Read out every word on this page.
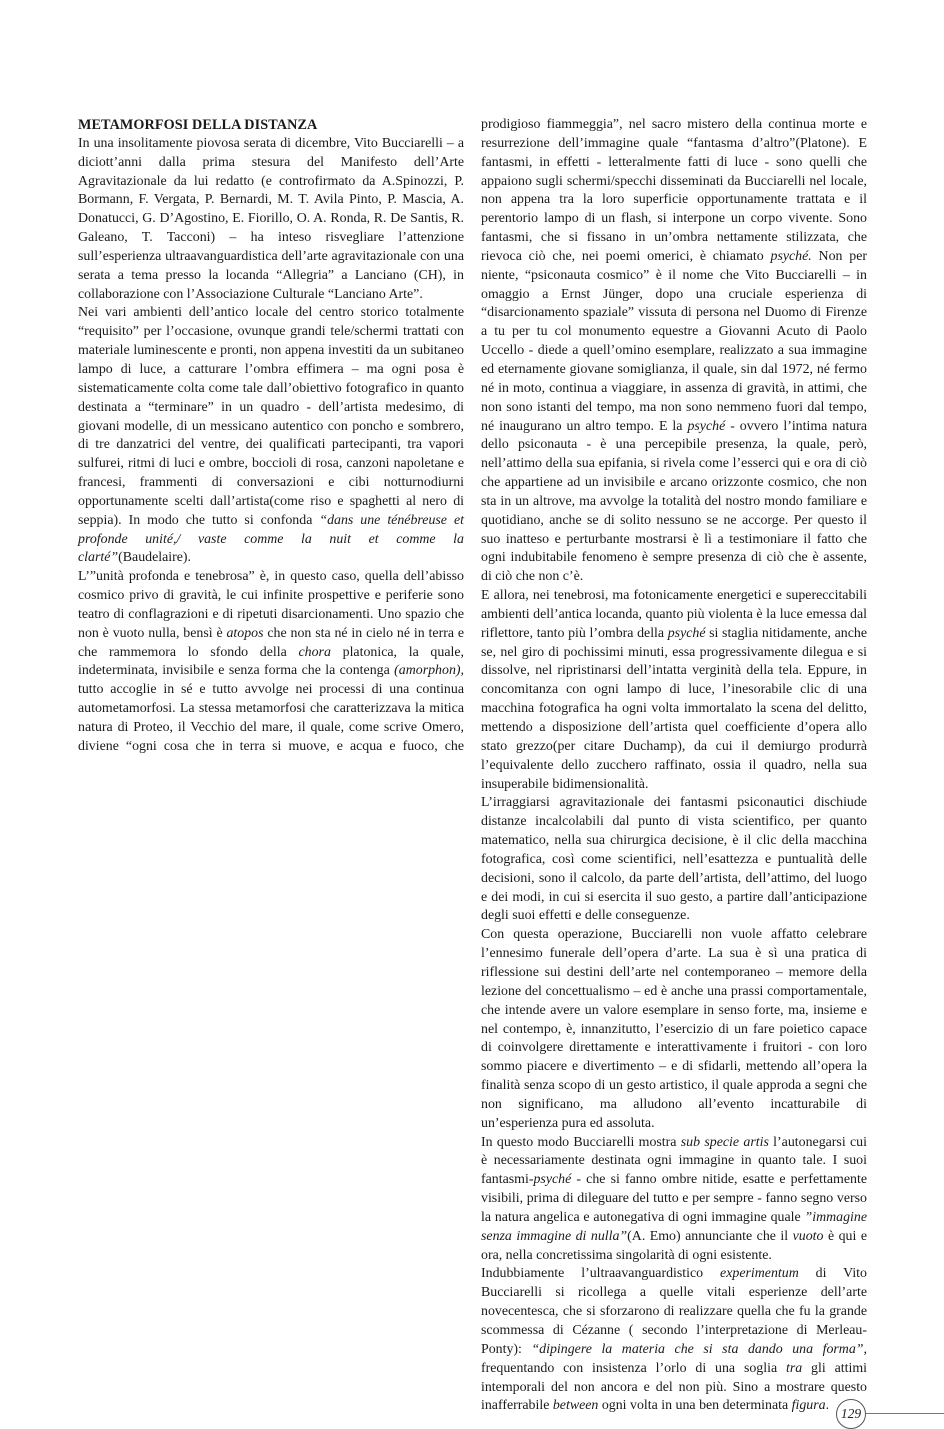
METAMORFOSI DELLA DISTANZA

In una insolitamente piovosa serata di dicembre, Vito Bucciarelli – a diciott’anni dalla prima stesura del Manifesto dell’Arte Agravitazionale da lui redatto (e controfirmato da A.Spinozzi, P. Bormann, F. Vergata, P. Bernardi, M. T. Avila Pinto, P. Mascia, A. Donatucci, G. D’Agostino, E. Fiorillo, O. A. Ronda, R. De Santis, R. Galeano, T. Tacconi) – ha inteso risvegliare l’attenzione sull’esperienza ultraavanguardistica dell’arte agravitazionale con una serata a tema presso la locanda “Allegria” a Lanciano (CH), in collaborazione con l’Associazione Culturale “Lanciano Arte”.

Nei vari ambienti dell’antico locale del centro storico totalmente “requisito” per l’occasione, ovunque grandi tele/schermi trattati con materiale luminescente e pronti, non appena investiti da un subitaneo lampo di luce, a catturare l’ombra effimera – ma ogni posa è sistematicamente colta come tale dall’obiettivo fotografico in quanto destinata a “terminare” in un quadro - dell’artista medesimo, di giovani modelle, di un messicano autentico con poncho e sombrero, di tre danzatrici del ventre, dei qualificati partecipanti, tra vapori sulfurei, ritmi di luci e ombre, boccioli di rosa, canzoni napoletane e francesi, frammenti di conversazioni e cibi notturnodiurni opportunamente scelti dall’artista(come riso e spaghetti al nero di seppia). In modo che tutto si confonda “dans une ténébreuse et profonde unité,/ vaste comme la nuit et comme la clarté”(Baudelaire).

L’”unità profonda e tenebrosa” è, in questo caso, quella dell’abisso cosmico privo di gravità, le cui infinite prospettive e periferie sono teatro di conflagrazioni e di ripetuti disarcionamenti. Uno spazio che non è vuoto nulla, bensì è atopos che non sta né in cielo né in terra e che rammemora lo sfondo della chora platonica, la quale, indeterminata, invisibile e senza forma che la contenga (amorphon), tutto accoglie in sé e tutto avvolge nei processi di una continua autometamorfosi. La stessa metamorfosi che caratterizzava la mitica natura di Proteo, il Vecchio del mare, il quale, come scrive Omero, diviene “ogni cosa che in terra si muove, e acqua e fuoco, che

prodigioso fiammeggia”, nel sacro mistero della continua morte e resurrezione dell’immagine quale “fantasma d’altro”(Platone). E fantasmi, in effetti - letteralmente fatti di luce - sono quelli che appaiono sugli schermi/specchi disseminati da Bucciarelli nel locale, non appena tra la loro superficie opportunamente trattata e il perentorio lampo di un flash, si interpone un corpo vivente. Sono fantasmi, che si fissano in un’ombra nettamente stilizzata, che rievoca ciò che, nei poemi omerici, è chiamato psyché. Non per niente, “psiconauta cosmico” è il nome che Vito Bucciarelli – in omaggio a Ernst Jünger, dopo una cruciale esperienza di “disarcionamento spaziale” vissuta di persona nel Duomo di Firenze a tu per tu col monumento equestre a Giovanni Acuto di Paolo Uccello - diede a quell’omino esemplare, realizzato a sua immagine ed eternamente giovane somiglianza, il quale, sin dal 1972, né fermo né in moto, continua a viaggiare, in assenza di gravità, in attimi, che non sono istanti del tempo, ma non sono nemmeno fuori dal tempo, né inaugurano un altro tempo. E la psyché - ovvero l’intima natura dello psiconauta - è una percepibile presenza, la quale, però, nell’attimo della sua epifania, si rivela come l’esserci qui e ora di ciò che appartiene ad un invisibile e arcano orizzonte cosmico, che non sta in un altrove, ma avvolge la totalità del nostro mondo familiare e quotidiano, anche se di solito nessuno se ne accorge. Per questo il suo inatteso e perturbante mostrarsi è lì a testimoniare il fatto che ogni indubitabile fenomeno è sempre presenza di ciò che è assente, di ciò che non c’è.

E allora, nei tenebrosi, ma fotonicamente energetici e supereccitabili ambienti dell’antica locanda, quanto più violenta è la luce emessa dal riflettore, tanto più l’ombra della psyché si staglia nitidamente, anche se, nel giro di pochissimi minuti, essa progressivamente dilegua e si dissolve, nel ripristinarsi dell’intatta verginità della tela. Eppure, in concomitanza con ogni lampo di luce, l’inesorabile clic di una macchina fotografica ha ogni volta immortalato la scena del delitto, mettendo a disposizione dell’artista quel coefficiente d’opera allo stato grezzo(per citare Duchamp), da cui il demiurgo produrrà l’equivalente dello zucchero raffinato, ossia il quadro, nella sua insuperabile bidimensionalità.

L’irraggiarsi agravitazionale dei fantasmi psiconautici dischiude distanze incalcolabili dal punto di vista scientifico, per quanto matematico, nella sua chirurgica decisione, è il clic della macchina fotografica, così come scientifici, nell’esattezza e puntualità delle decisioni, sono il calcolo, da parte dell’artista, dell’attimo, del luogo e dei modi, in cui si esercita il suo gesto, a partire dall’anticipazione degli suoi effetti e delle conseguenze.

Con questa operazione, Bucciarelli non vuole affatto celebrare l’ennesimo funerale dell’opera d’arte. La sua è sì una pratica di riflessione sui destini dell’arte nel contemporaneo – memore della lezione del concettualismo – ed è anche una prassi comportamentale, che intende avere un valore esemplare in senso forte, ma, insieme e nel contempo, è, innanzitutto, l’esercizio di un fare poietico capace di coinvolgere direttamente e interattivamente i fruitori - con loro sommo piacere e divertimento – e di sfidarli, mettendo all’opera la finalità senza scopo di un gesto artistico, il quale approda a segni che non significano, ma alludono all’evento incatturabile di un’esperienza pura ed assoluta.

In questo modo Bucciarelli mostra sub specie artis l’autonegarsi cui è necessariamente destinata ogni immagine in quanto tale. I suoi fantasmi-psyché - che si fanno ombre nitide, esatte e perfettamente visibili, prima di dileguare del tutto e per sempre - fanno segno verso la natura angelica e autonegativa di ogni immagine quale ”immagine senza immagine di nulla”(A. Emo) annunciante che il vuoto è qui e ora, nella concretissima singolarità di ogni esistente.

Indubbiamente l’ultraavanguardistico experimentum di Vito Bucciarelli si ricollega a quelle vitali esperienze dell’arte novecentesca, che si sforzarono di realizzare quella che fu la grande scommessa di Cézanne ( secondo l’interpretazione di Merleau-Ponty): “dipingere la materia che si sta dando una forma”, frequentando con insistenza l’orlo di una soglia tra gli attimi intemporali del non ancora e del non più. Sino a mostrare questo inafferrabile between ogni volta in una ben determinata figura.

129
